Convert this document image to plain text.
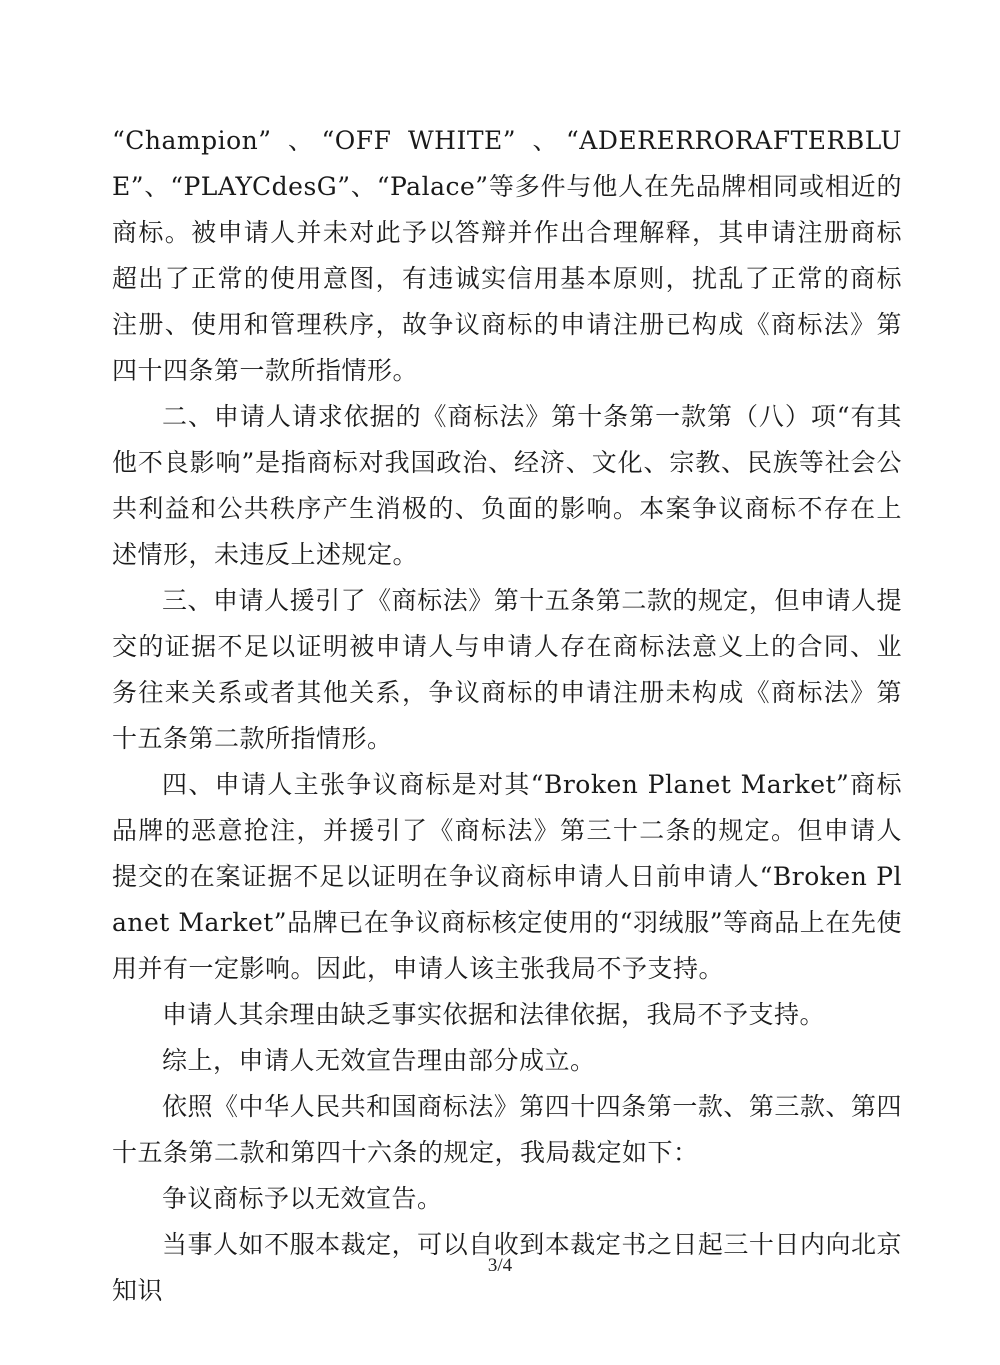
“Champion” 、“OFF WHITE” 、“ADERERRORAFTERBLUE”、“PLAYCdesG”、“Palace”等多件与他人在先品牌相同或相近的商标。被申请人并未对此予以答辩并作出合理解释，其申请注册商标超出了正常的使用意图，有违诚实信用基本原则，扰乱了正常的商标注册、使用和管理秩序，故争议商标的申请注册已构成《商标法》第四十四条第一款所指情形。

二、申请人请求依据的《商标法》第十条第一款第（八）项“有其他不良影响”是指商标对我国政治、经济、文化、宗教、民族等社会公共利益和公共秩序产生消极的、负面的影响。本案争议商标不存在上述情形，未违反上述规定。

三、申请人援引了《商标法》第十五条第二款的规定，但申请人提交的证据不足以证明被申请人与申请人存在商标法意义上的合同、业务往来关系或者其他关系，争议商标的申请注册未构成《商标法》第十五条第二款所指情形。

四、申请人主张争议商标是对其“Broken Planet Market”商标品牌的恶意抢注，并援引了《商标法》第三十二条的规定。但申请人提交的在案证据不足以证明在争议商标申请人日前申请人“Broken Planet Market”品牌已在争议商标核定使用的“羽绒服”等商品上在先使用并有一定影响。因此，申请人该主张我局不予支持。

申请人其余理由缺乏事实依据和法律依据，我局不予支持。

综上，申请人无效宣告理由部分成立。

依照《中华人民共和国商标法》第四十四条第一款、第三款、第四十五条第二款和第四十六条的规定，我局裁定如下：

争议商标予以无效宣告。

当事人如不服本裁定，可以自收到本裁定书之日起三十日内向北京知识

3/4
